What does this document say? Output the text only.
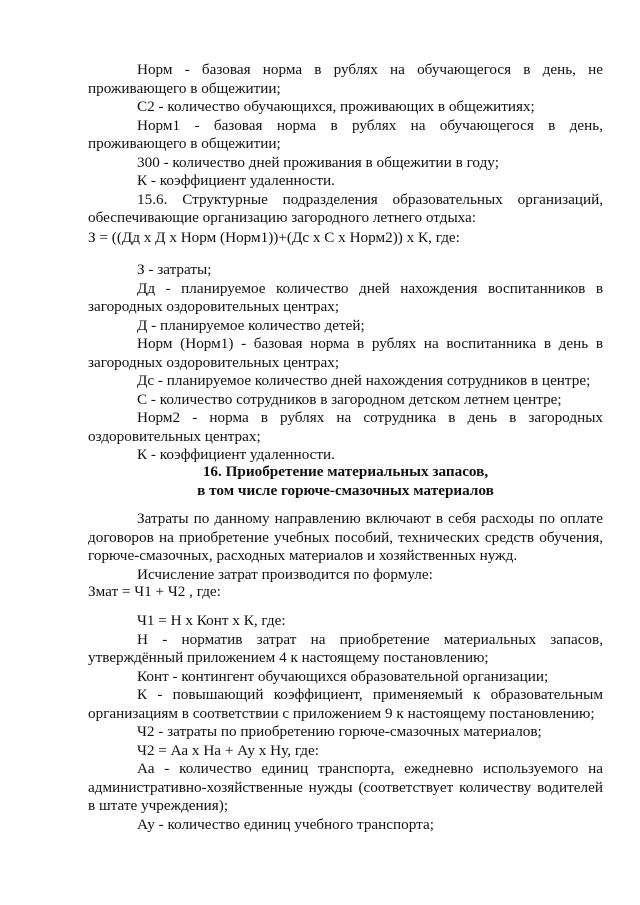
Норм - базовая норма в рублях на обучающегося в день, не проживающего в общежитии;

С2 - количество обучающихся, проживающих в общежитиях;

Норм1 - базовая норма в рублях на обучающегося в день, проживающего в общежитии;

300 - количество дней проживания в общежитии в году;

К - коэффициент удаленности.

15.6. Структурные подразделения образовательных организаций, обеспечивающие организацию загородного летнего отдыха:

З = ((Дд х Д х Норм (Норм1))+(Дс х С х Норм2)) х К, где:

З - затраты;

Дд - планируемое количество дней нахождения воспитанников в загородных оздоровительных центрах;

Д - планируемое количество детей;

Норм (Норм1) - базовая норма в рублях на воспитанника в день в загородных оздоровительных центрах;

Дс - планируемое количество дней нахождения сотрудников в центре;

С - количество сотрудников в загородном детском летнем центре;

Норм2 - норма в рублях на сотрудника в день в загородных оздоровительных центрах;

К - коэффициент удаленности.

16. Приобретение материальных запасов,

в том числе горюче-смазочных материалов

Затраты по данному направлению включают в себя расходы по оплате договоров на приобретение учебных пособий, технических средств обучения, горюче-смазочных, расходных материалов и хозяйственных нужд.

Исчисление затрат производится по формуле:

Змат = Ч1 + Ч2 , где:

Ч1 = Н х Конт х К, где:

Н - норматив затрат на приобретение материальных запасов, утверждённый приложением 4 к настоящему постановлению;

Конт - контингент обучающихся образовательной организации;

К - повышающий коэффициент, применяемый к образовательным организациям в соответствии с приложением 9 к настоящему постановлению;

Ч2 - затраты по приобретению горюче-смазочных материалов;

Ч2 = Аа х На + Ау х Ну, где:

Аа - количество единиц транспорта, ежедневно используемого на административно-хозяйственные нужды (соответствует количеству водителей в штате учреждения);

Ау - количество единиц учебного транспорта;
